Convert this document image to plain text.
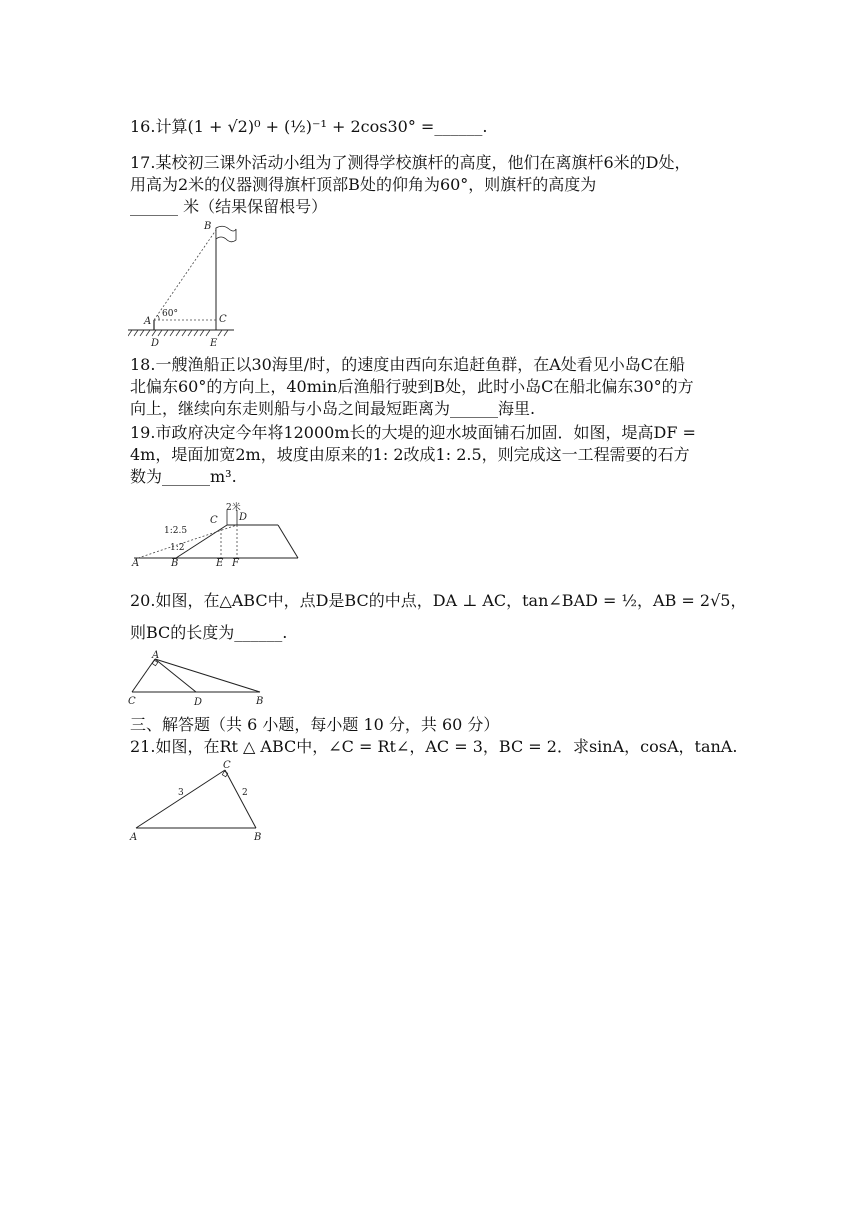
16.计算(1 + √2)⁰ + (½)⁻¹ + 2cos30° =______.
17.某校初三课外活动小组为了测得学校旗杆的高度，他们在离旗杆6米的D处，
用高为2米的仪器测得旗杆顶部B处的仰角为60°，则旗杆的高度为
______ 米（结果保留根号）
B
A	C
D	E
60°
18.一艘渔船正以30海里/时，的速度由西向东追赶鱼群，在A处看见小岛C在船
北偏东60°的方向上，40min后渔船行驶到B处，此时小岛C在船北偏东30°的方
向上，继续向东走则船与小岛之间最短距离为______海里.
19.市政府决定今年将12000m长的大堤的迎水坡面铺石加固．如图，堤高DF =
4m，堤面加宽2m，坡度由原来的1: 2改成1: 2.5，则完成这一工程需要的石方
数为______m³.
2米
C D
1:2.5
1:2
A	B	E F
20.如图，在△ABC中，点D是BC的中点，DA ⊥ AC，tan∠BAD = ½，AB = 2√5，
则BC的长度为______.
A
C	D	B
三、解答题（共 6 小题，每小题 10 分，共 60 分）
21.如图，在Rt △ ABC中，∠C = Rt∠，AC = 3，BC = 2．求sinA，cosA，tanA.
C
3	2
A	B
